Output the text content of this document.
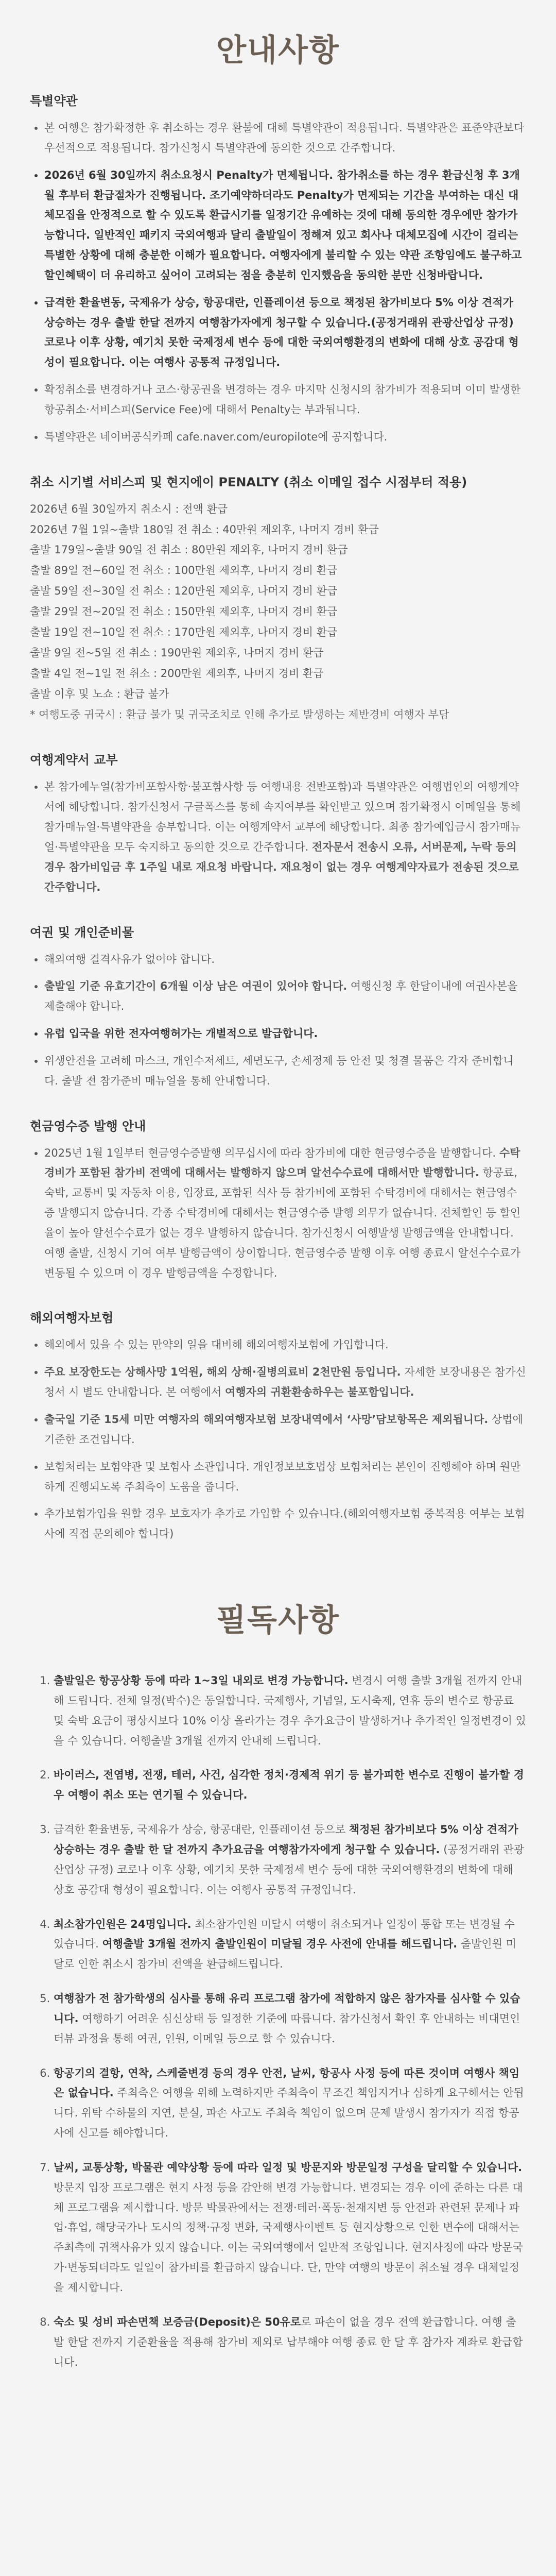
안내사항
특별약관
• 본 여행은 참가확정한 후 취소하는 경우 환불에 대해 특별약관이 적용됩니다. 특별약관은 표준약관보다 우선적으로 적용됩니다. 참가신청시 특별약관에 동의한 것으로 간주합니다.
• 2026년 6월 30일까지 취소요청시 Penalty가 면제됩니다. 참가취소를 하는 경우 환급신청 후 3개월 후부터 환급절차가 진행됩니다. 조기예약하더라도 Penalty가 면제되는 기간을 부여하는 대신 대체모집을 안정적으로 할 수 있도록 환급시기를 일정기간 유예하는 것에 대해 동의한 경우에만 참가가능합니다. 일반적인 패키지 국외여행과 달리 출발일이 정해져 있고 회사나 대체모집에 시간이 걸리는 특별한 상황에 대해 충분한 이해가 필요합니다. 여행자에게 불리할 수 있는 약관 조항임에도 불구하고 할인혜택이 더 유리하고 싶어이 고려되는 점을 충분히 인지했음을 동의한 분만 신청바랍니다.
• 급격한 환율변동, 국제유가 상승, 항공대란, 인플레이션 등으로 책정된 참가비보다 5% 이상 견적가 상승하는 경우 출발 한달 전까지 여행참가자에게 청구할 수 있습니다.(공정거래위 관광산업상 규정) 코로나 이후 상황, 예기치 못한 국제정세 변수 등에 대한 국외여행환경의 변화에 대해 상호 공감대 형성이 필요합니다. 이는 여행사 공통적 규정입니다.
• 확정취소를 변경하거나 코스·항공권을 변경하는 경우 마지막 신청시의 참가비가 적용되며 이미 발생한 항공취소·서비스피(Service Fee)에 대해서 Penalty는 부과됩니다.
• 특별약관은 네이버공식카페 cafe.naver.com/europilote에 공지합니다.
취소 시기별 서비스피 및 현지에이 PENALTY (취소 이메일 접수 시점부터 적용)
2026년 6월 30일까지 취소시 : 전액 환급
2026년 7월 1일~출발 180일 전 취소 : 40만원 제외후, 나머지 경비 환급
출발 179일~출발 90일 전 취소 : 80만원 제외후, 나머지 경비 환급
출발 89일 전~60일 전 취소 : 100만원 제외후, 나머지 경비 환급
출발 59일 전~30일 전 취소 : 120만원 제외후, 나머지 경비 환급
출발 29일 전~20일 전 취소 : 150만원 제외후, 나머지 경비 환급
출발 19일 전~10일 전 취소 : 170만원 제외후, 나머지 경비 환급
출발 9일 전~5일 전 취소 : 190만원 제외후, 나머지 경비 환급
출발 4일 전~1일 전 취소 : 200만원 제외후, 나머지 경비 환급
출발 이후 및 노쇼 : 환급 불가
* 여행도중 귀국시 : 환급 불가 및 귀국조치로 인해 추가로 발생하는 제반경비 여행자 부담
여행계약서 교부
• 본 참가예누얼(참가비포함사항·불포함사항 등 여행내용 전반포함)과 특별약관은 여행법인의 여행계약서에 해당합니다. 참가신청서 구글폭스를 통해 속지여부를 확인받고 있으며 참가확정시 이메일을 통해 참가매뉴얼·특별약관을 송부합니다. 이는 여행계약서 교부에 해당합니다. 최종 참가예입금시 참가매뉴얼·특별약관을 모두 숙지하고 동의한 것으로 간주합니다. 전자문서 전송시 오류, 서버문제, 누락 등의 경우 참가비입금 후 1주일 내로 재요청 바랍니다. 재요청이 없는 경우 여행계약자료가 전송된 것으로 간주합니다.
여권 및 개인준비물
• 해외여행 결격사유가 없어야 합니다.
• 출발일 기준 유효기간이 6개월 이상 남은 여권이 있어야 합니다. 여행신청 후 한달이내에 여권사본을 제출해야 합니다.
• 유럽 입국을 위한 전자여행허가는 개별적으로 발급합니다.
• 위생안전을 고려해 마스크, 개인수저세트, 세면도구, 손세정제 등 안전 및 청결 물품은 각자 준비합니다. 출발 전 참가준비 매뉴얼을 통해 안내합니다.
현금영수증 발행 안내
• 2025년 1월 1일부터 현금영수증발행 의무십시에 따라 참가비에 대한 현금영수증을 발행합니다. 수탁경비가 포함된 참가비 전액에 대해서는 발행하지 않으며 알선수수료에 대해서만 발행합니다. 항공료, 숙박, 교통비 및 자동차 이용, 입장료, 포함된 식사 등 참가비에 포함된 수탁경비에 대해서는 현금영수증 발행되지 않습니다. 각종 수탁경비에 대해서는 현금영수증 발행 의무가 없습니다. 전체할인 등 할인율이 높아 알선수수료가 없는 경우 발행하지 않습니다. 참가신청시 여행발생 발행금액을 안내합니다. 여행 출발, 신청시 기여 여부 발행금액이 상이합니다. 현금영수증 발행 이후 여행 종료시 알선수수료가 변동될 수 있으며 이 경우 발행금액을 수정합니다.
해외여행자보험
• 해외에서 있을 수 있는 만약의 일을 대비해 해외여행자보험에 가입합니다.
• 주요 보장한도는 상해사망 1억원, 해외 상해·질병의료비 2천만원 등입니다. 자세한 보장내용은 참가신청서 시 별도 안내합니다. 본 여행에서 여행자의 귀환환송하우는 불포함입니다.
• 출국일 기준 15세 미만 여행자의 해외여행자보험 보장내역에서 ‘사망’담보항목은 제외됩니다. 상법에 기준한 조건입니다.
• 보험처리는 보험약관 및 보험사 소관입니다. 개인정보보호법상 보험처리는 본인이 진행해야 하며 원만하게 진행되도록 주최측이 도움을 줍니다.
• 추가보험가입을 원할 경우 보호자가 추가로 가입할 수 있습니다.(해외여행자보험 중복적용 여부는 보험사에 직접 문의해야 합니다)
필독사항
1. 출발일은 항공상황 등에 따라 1~3일 내외로 변경 가능합니다. 변경시 여행 출발 3개월 전까지 안내해 드립니다. 전체 일정(박수)은 동일합니다. 국제행사, 기념일, 도시축제, 연휴 등의 변수로 항공료 및 숙박 요금이 평상시보다 10% 이상 올라가는 경우 추가요금이 발생하거나 추가적인 일정변경이 있을 수 있습니다. 여행출발 3개월 전까지 안내해 드립니다.
2. 바이러스, 전염병, 전쟁, 테러, 사건, 심각한 정치·경제적 위기 등 불가피한 변수로 진행이 불가할 경우 여행이 취소 또는 연기될 수 있습니다.
3. 급격한 환율변동, 국제유가 상승, 항공대란, 인플레이션 등으로 책정된 참가비보다 5% 이상 견적가 상승하는 경우 출발 한 달 전까지 추가요금을 여행참가자에게 청구할 수 있습니다. (공정거래위 관광산업상 규정) 코로나 이후 상황, 예기치 못한 국제정세 변수 등에 대한 국외여행환경의 변화에 대해 상호 공감대 형성이 필요합니다. 이는 여행사 공통적 규정입니다.
4. 최소참가인원은 24명입니다. 최소참가인원 미달시 여행이 취소되거나 일정이 통합 또는 변경될 수 있습니다. 여행출발 3개월 전까지 출발인원이 미달될 경우 사전에 안내를 해드립니다. 출발인원 미달로 인한 취소시 참가비 전액을 환급해드립니다.
5. 여행참가 전 참가학생의 심사를 통해 유리 프로그램 참가에 적합하지 않은 참가자를 심사할 수 있습니다. 여행하기 어려운 심신상태 등 일정한 기준에 따릅니다. 참가신청서 확인 후 안내하는 비대면인터뷰 과정을 통해 여권, 인원, 이메일 등으로 할 수 있습니다.
6. 항공기의 결항, 연착, 스케줄변경 등의 경우 안전, 날씨, 항공사 사정 등에 따른 것이며 여행사 책임은 없습니다. 주최측은 여행을 위해 노력하지만 주최측이 무조건 책임지거나 심하게 요구해서는 안됩니다. 위탁 수하물의 지연, 분실, 파손 사고도 주최측 책임이 없으며 문제 발생시 참가자가 직접 항공사에 신고를 해야합니다.
7. 날씨, 교통상황, 박물관 예약상황 등에 따라 일정 및 방문지와 방문일정 구성을 달리할 수 있습니다. 방문지 입장 프로그램은 현지 사정 등을 감안해 변경 가능합니다. 변경되는 경우 이에 준하는 다른 대체 프로그램을 제시합니다. 방문 박물관에서는 전쟁·테러·폭동·천재지변 등 안전과 관련된 문제나 파업·휴업, 해당국가나 도시의 정책·규정 변화, 국제행사이벤트 등 현지상황으로 인한 변수에 대해서는 주최측에 귀책사유가 있지 않습니다. 이는 국외여행에서 일반적 조항입니다. 현지사정에 따라 방문국가·변동되더라도 일일이 참가비를 환급하지 않습니다. 단, 만약 여행의 방문이 취소될 경우 대체일정을 제시합니다.
8. 숙소 및 성비 파손면책 보증금(Deposit)은 50유로로 파손이 없을 경우 전액 환급합니다. 여행 출발 한달 전까지 기준환율을 적용해 참가비 제외로 납부해야 여행 종료 한 달 후 참가자 계좌로 환급합니다.
